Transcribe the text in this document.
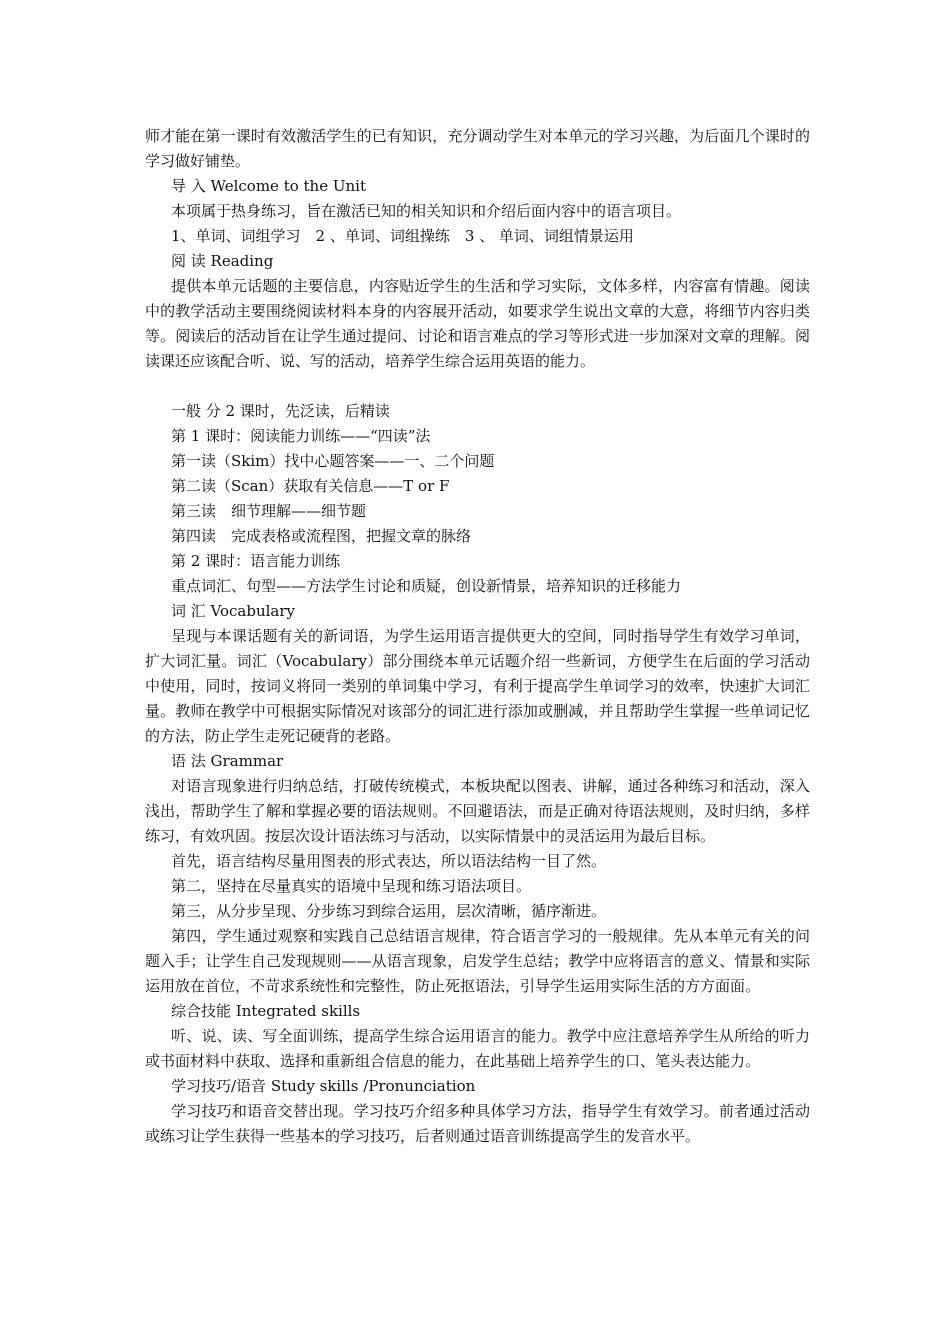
师才能在第一课时有效激活学生的已有知识，充分调动学生对本单元的学习兴趣，为后面几个课时的学习做好铺垫。

导 入 Welcome to the Unit

本项属于热身练习，旨在激活已知的相关知识和介绍后面内容中的语言项目。

1、单词、词组学习　2 、单词、词组操练　3 、 单词、词组情景运用

阅 读 Reading

提供本单元话题的主要信息，内容贴近学生的生活和学习实际，文体多样，内容富有情趣。阅读中的教学活动主要围绕阅读材料本身的内容展开活动，如要求学生说出文章的大意，将细节内容归类等。阅读后的活动旨在让学生通过提问、讨论和语言难点的学习等形式进一步加深对文章的理解。阅读课还应该配合听、说、写的活动，培养学生综合运用英语的能力。

一般 分 2 课时，先泛读，后精读

第 1 课时：阅读能力训练——“四读”法

第一读（Skim）找中心题答案——一、二个问题

第二读（Scan）获取有关信息——T or F

第三读　细节理解——细节题

第四读　完成表格或流程图，把握文章的脉络

第 2 课时：语言能力训练

重点词汇、句型——方法学生讨论和质疑，创设新情景，培养知识的迁移能力

词 汇 Vocabulary

呈现与本课话题有关的新词语，为学生运用语言提供更大的空间，同时指导学生有效学习单词，扩大词汇量。词汇（Vocabulary）部分围绕本单元话题介绍一些新词，方便学生在后面的学习活动中使用，同时，按词义将同一类别的单词集中学习，有利于提高学生单词学习的效率，快速扩大词汇量。教师在教学中可根据实际情况对该部分的词汇进行添加或删减，并且帮助学生掌握一些单词记忆的方法，防止学生走死记硬背的老路。

语 法 Grammar

对语言现象进行归纳总结，打破传统模式，本板块配以图表、讲解，通过各种练习和活动，深入浅出，帮助学生了解和掌握必要的语法规则。不回避语法，而是正确对待语法规则，及时归纳，多样练习，有效巩固。按层次设计语法练习与活动，以实际情景中的灵活运用为最后目标。

首先，语言结构尽量用图表的形式表达，所以语法结构一目了然。

第二，坚持在尽量真实的语境中呈现和练习语法项目。

第三，从分步呈现、分步练习到综合运用，层次清晰，循序渐进。

第四，学生通过观察和实践自己总结语言规律，符合语言学习的一般规律。先从本单元有关的问题入手；让学生自己发现规则——从语言现象，启发学生总结；教学中应将语言的意义、情景和实际运用放在首位，不苛求系统性和完整性，防止死抠语法，引导学生运用实际生活的方方面面。

综合技能 Integrated skills

听、说、读、写全面训练，提高学生综合运用语言的能力。教学中应注意培养学生从所给的听力或书面材料中获取、选择和重新组合信息的能力，在此基础上培养学生的口、笔头表达能力。

学习技巧/语音 Study skills /Pronunciation

学习技巧和语音交替出现。学习技巧介绍多种具体学习方法，指导学生有效学习。前者通过活动或练习让学生获得一些基本的学习技巧，后者则通过语音训练提高学生的发音水平。
